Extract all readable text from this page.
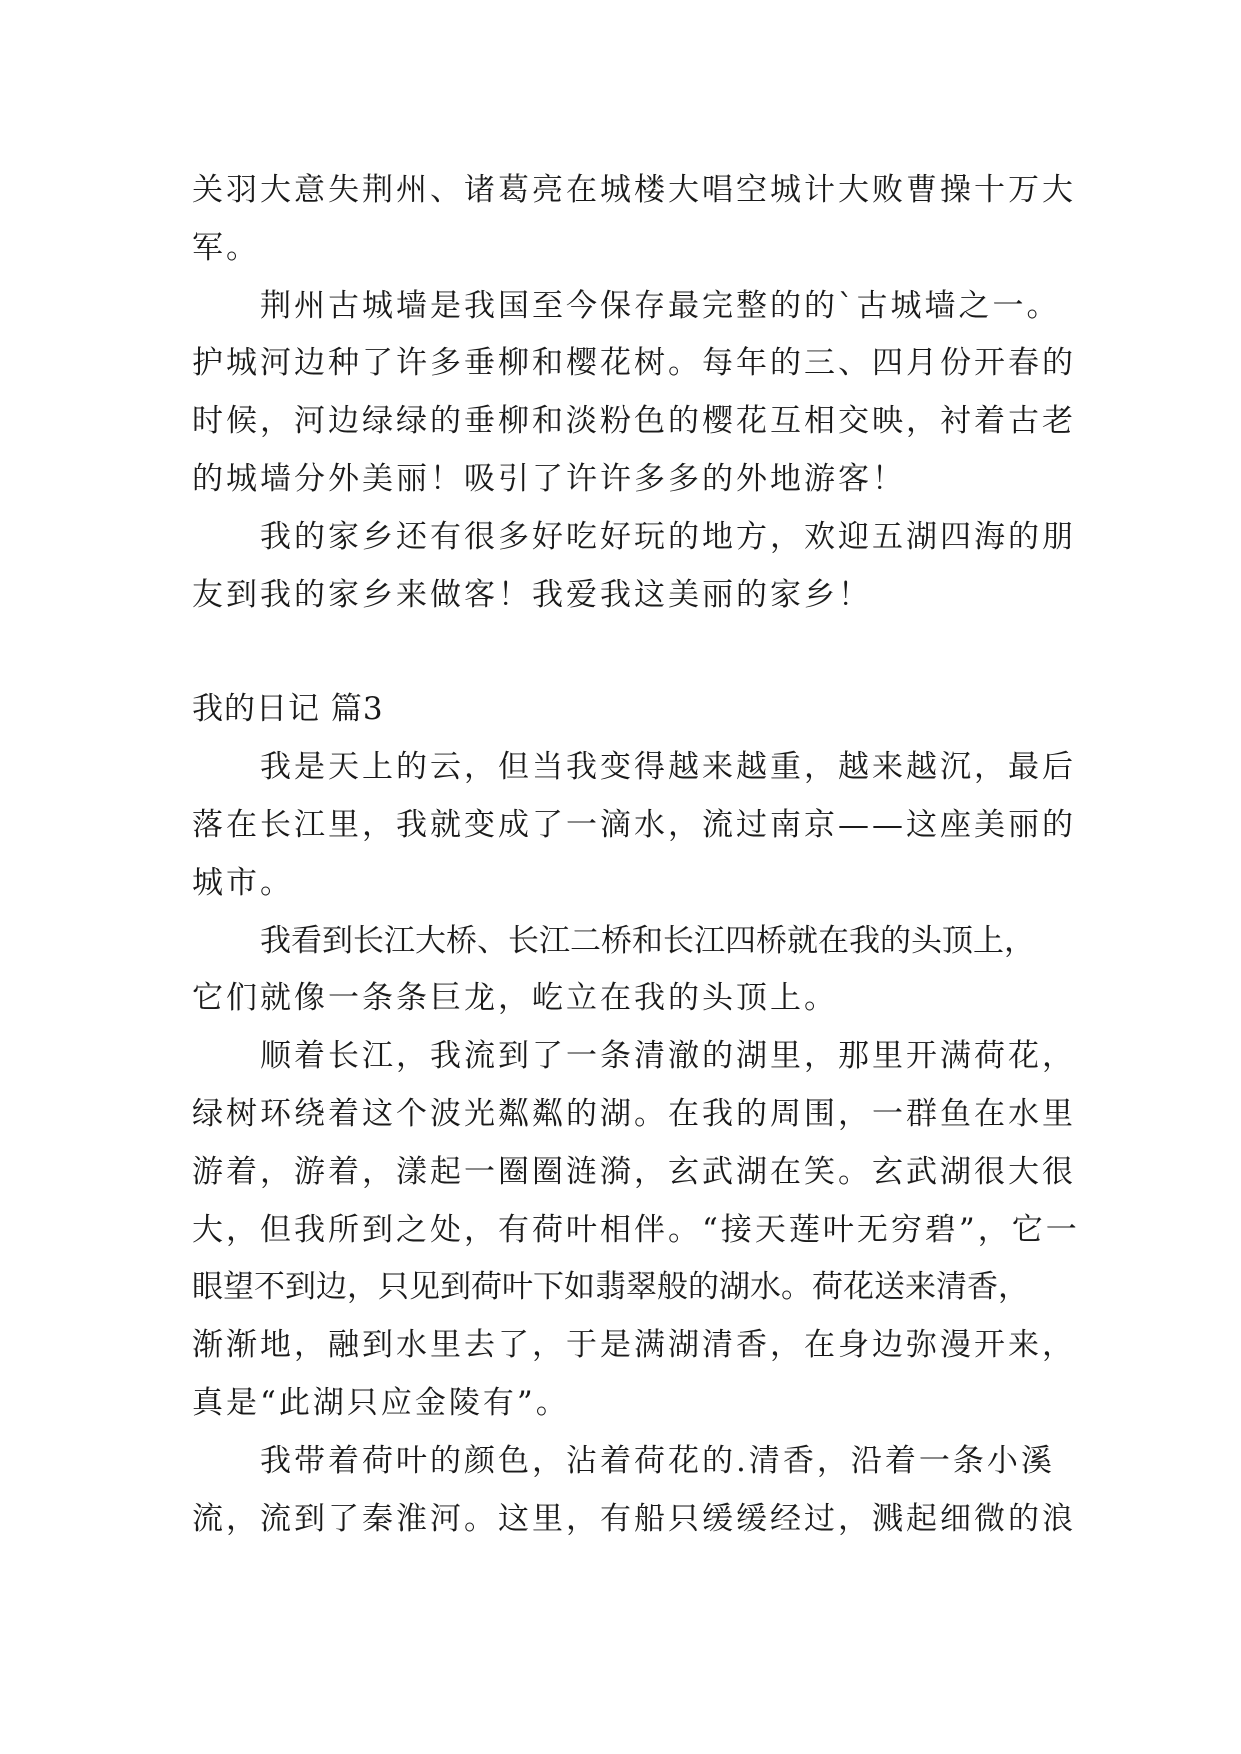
关羽大意失荆州、诸葛亮在城楼大唱空城计大败曹操十万大
军。
荆州古城墙是我国至今保存最完整的的`古城墙之一。
护城河边种了许多垂柳和樱花树。每年的三、四月份开春的
时候，河边绿绿的垂柳和淡粉色的樱花互相交映，衬着古老
的城墙分外美丽！吸引了许许多多的外地游客！
我的家乡还有很多好吃好玩的地方，欢迎五湖四海的朋
友到我的家乡来做客！我爱我这美丽的家乡！
我的日记 篇3
我是天上的云，但当我变得越来越重，越来越沉，最后
落在长江里，我就变成了一滴水，流过南京——这座美丽的
城市。
我看到长江大桥、长江二桥和长江四桥就在我的头顶上，
它们就像一条条巨龙，屹立在我的头顶上。
顺着长江，我流到了一条清澈的湖里，那里开满荷花，
绿树环绕着这个波光粼粼的湖。在我的周围，一群鱼在水里
游着，游着，漾起一圈圈涟漪，玄武湖在笑。玄武湖很大很
大，但我所到之处，有荷叶相伴。“接天莲叶无穷碧”，它一
眼望不到边，只见到荷叶下如翡翠般的湖水。荷花送来清香，
渐渐地，融到水里去了，于是满湖清香，在身边弥漫开来，
真是“此湖只应金陵有”。
我带着荷叶的颜色，沾着荷花的.清香，沿着一条小溪
流，流到了秦淮河。这里，有船只缓缓经过，溅起细微的浪
